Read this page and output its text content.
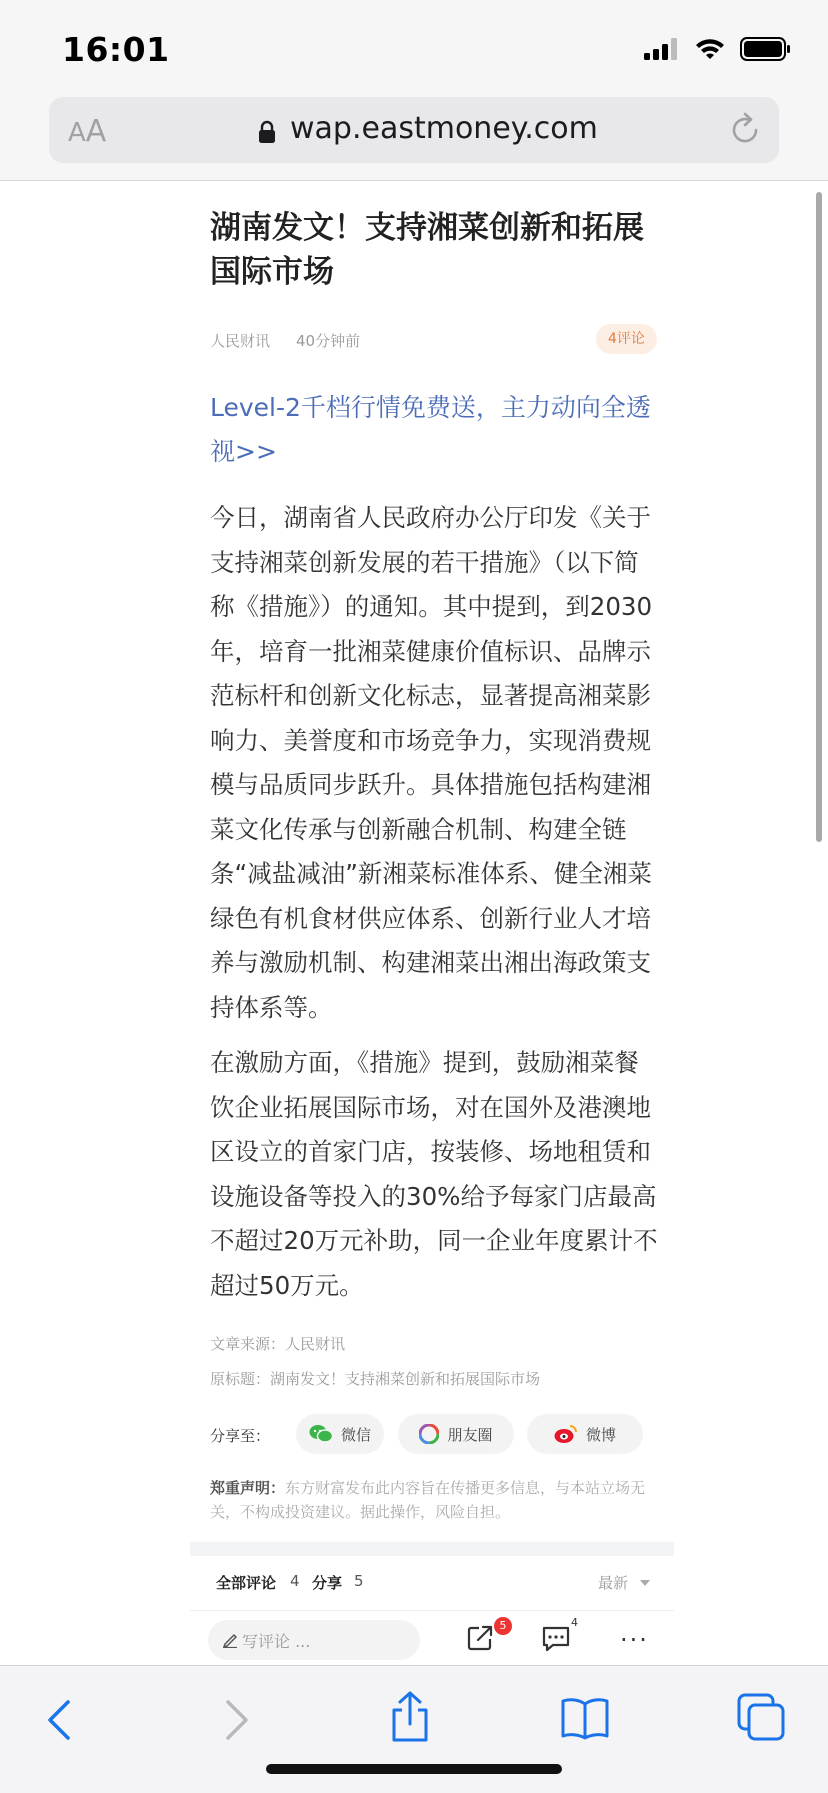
16:01
AA	wap.eastmoney.com
湖南发文！支持湘菜创新和拓展国际市场
人民财讯 40分钟前	4评论
Level-2千档行情免费送，主力动向全透视>>
今日，湖南省人民政府办公厅印发《关于支持湘菜创新发展的若干措施》（以下简称《措施》）的通知。其中提到，到2030年，培育一批湘菜健康价值标识、品牌示范标杆和创新文化标志，显著提高湘菜影响力、美誉度和市场竞争力，实现消费规模与品质同步跃升。具体措施包括构建湘菜文化传承与创新融合机制、构建全链条“减盐减油”新湘菜标准体系、健全湘菜绿色有机食材供应体系、创新行业人才培养与激励机制、构建湘菜出湘出海政策支持体系等。
在激励方面，《措施》提到，鼓励湘菜餐饮企业拓展国际市场，对在国外及港澳地区设立的首家门店，按装修、场地租赁和设施设备等投入的30%给予每家门店最高不超过20万元补助，同一企业年度累计不超过50万元。
文章来源：人民财讯
原标题：湖南发文！支持湘菜创新和拓展国际市场
分享至：	微信	朋友圈	微博
郑重声明：东方财富发布此内容旨在传播更多信息，与本站立场无关，不构成投资建议。据此操作，风险自担。
全部评论 4 分享 5	最新
写评论 ...
5	4
···
